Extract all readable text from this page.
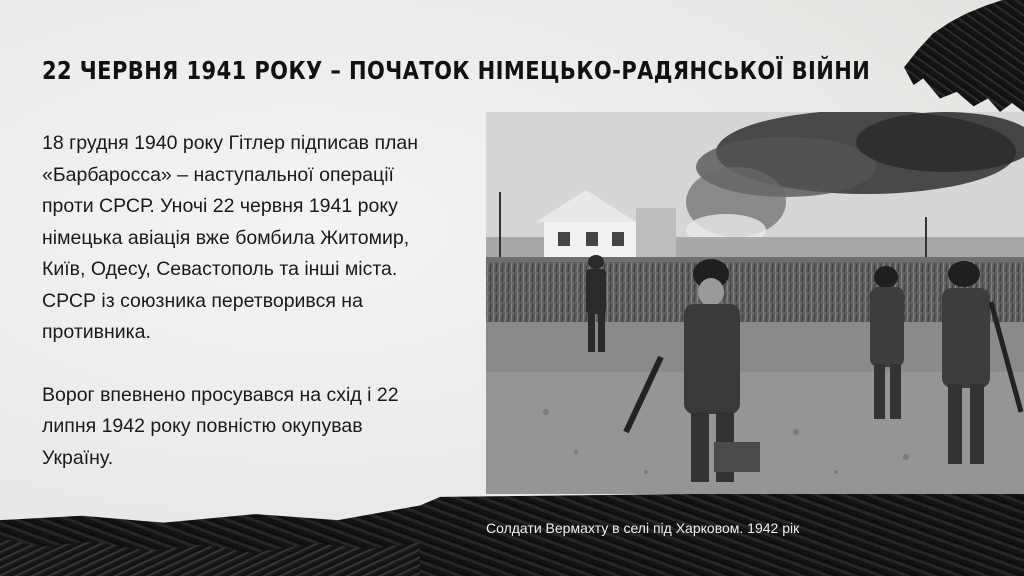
22 ЧЕРВНЯ 1941 РОКУ – ПОЧАТОК НІМЕЦЬКО-РАДЯНСЬКОЇ ВІЙНИ

18 грудня 1940 року Гітлер підписав план
«Барбаросса» – наступальної операції
проти СРСР. Уночі 22 червня 1941 року
німецька авіація вже бомбила Житомир,
Київ, Одесу, Севастополь та інші міста.
СРСР із союзника перетворився на
противника.

Ворог впевнено просувався на схід і 22
липня 1942 року повністю окупував
Україну.

Солдати Вермахту в селі під Харковом. 1942 рік
